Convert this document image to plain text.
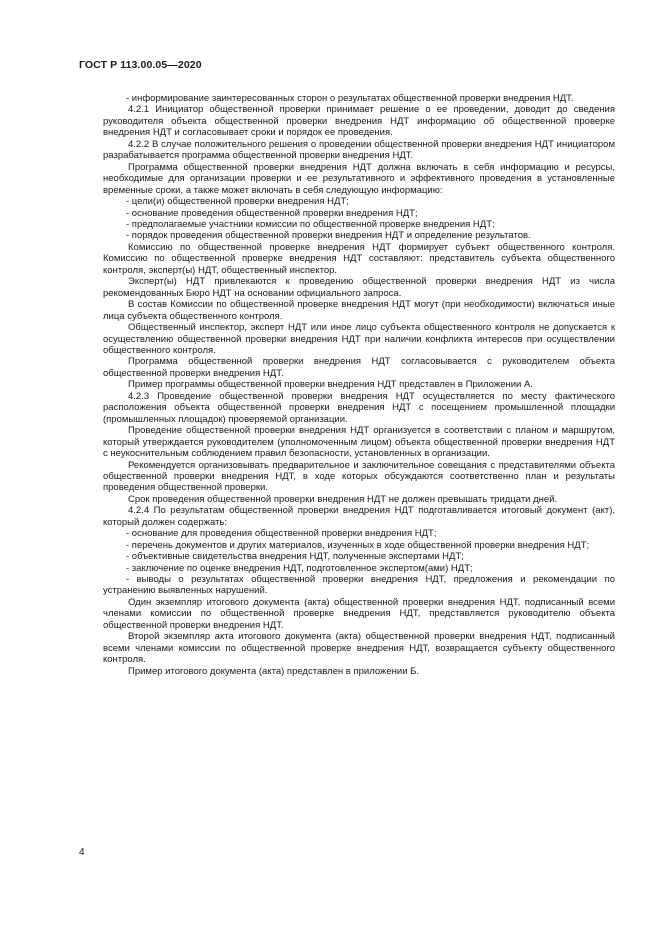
ГОСТ Р 113.00.05—2020

- информирование заинтересованных сторон о результатах общественной проверки внедрения НДТ.

4.2.1 Инициатор общественной проверки принимает решение о ее проведении, доводит до сведения руководителя объекта общественной проверки внедрения НДТ информацию об общественной проверке внедрения НДТ и согласовывает сроки и порядок ее проведения.

4.2.2 В случае положительного решения о проведении общественной проверки внедрения НДТ инициатором разрабатывается программа общественной проверки внедрения НДТ.

Программа общественной проверки внедрения НДТ должна включать в себя информацию и ресурсы, необходимые для организации проверки и ее результативного и эффективного проведения в установленные временные сроки, а также может включать в себя следующую информацию:

- цели(и) общественной проверки внедрения НДТ;

- основание проведения общественной проверки внедрения НДТ;

- предполагаемые участники комиссии по общественной проверке внедрения НДТ;

- порядок проведения общественной проверки внедрения НДТ и определение результатов.

Комиссию по общественной проверке внедрения НДТ формирует субъект общественного контроля. Комиссию по общественной проверке внедрения НДТ составляют: представитель субъекта общественного контроля, эксперт(ы) НДТ, общественный инспектор.

Эксперт(ы) НДТ привлекаются к проведению общественной проверки внедрения НДТ из числа рекомендованных Бюро НДТ на основании официального запроса.

В состав Комиссии по общественной проверке внедрения НДТ могут (при необходимости) включаться иные лица субъекта общественного контроля.

Общественный инспектор, эксперт НДТ или иное лицо субъекта общественного контроля не допускается к осуществлению общественной проверки внедрения НДТ при наличии конфликта интересов при осуществлении общественного контроля.

Программа общественной проверки внедрения НДТ согласовывается с руководителем объекта общественной проверки внедрения НДТ.

Пример программы общественной проверки внедрения НДТ представлен в Приложении А.

4.2.3 Проведение общественной проверки внедрения НДТ осуществляется по месту фактического расположения объекта общественной проверки внедрения НДТ с посещением промышленной площадки (промышленных площадок) проверяемой организации.

Проведение общественной проверки внедрения НДТ организуется в соответствии с планом и маршрутом, который утверждается руководителем (уполномоченным лицом) объекта общественной проверки внедрения НДТ с неукоснительным соблюдением правил безопасности, установленных в организации.

Рекомендуется организовывать предварительное и заключительное совещания с представителями объекта общественной проверки внедрения НДТ, в ходе которых обсуждаются соответственно план и результаты проведения общественной проверки.

Срок проведения общественной проверки внедрения НДТ не должен превышать тридцати дней.

4.2.4 По результатам общественной проверки внедрения НДТ подготавливается итоговый документ (акт), который должен содержать:

- основание для проведения общественной проверки внедрения НДТ;

- перечень документов и других материалов, изученных в ходе общественной проверки внедрения НДТ;

- объективные свидетельства внедрения НДТ, полученные экспертами НДТ;

- заключение по оценке внедрения НДТ, подготовленное экспертом(ами) НДТ;

- выводы о результатах общественной проверки внедрения НДТ, предложения и рекомендации по устранению выявленных нарушений.

Один экземпляр итогового документа (акта) общественной проверки внедрения НДТ, подписанный всеми членами комиссии по общественной проверке внедрения НДТ, представляется руководителю объекта общественной проверки внедрения НДТ.

Второй экземпляр акта итогового документа (акта) общественной проверки внедрения НДТ, подписанный всеми членами комиссии по общественной проверке внедрения НДТ, возвращается субъекту общественного контроля.

Пример итогового документа (акта) представлен в приложении Б.

4
